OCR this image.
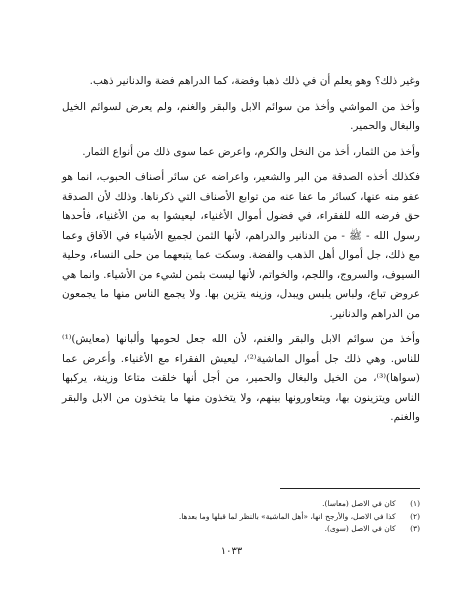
وغير ذلك؟ وهو يعلم أن في ذلك ذهبا وفضة، كما الدراهم فضة والدنانير ذهب.

وأخذ من المواشي وأخذ من سوائم الابل والبقر والغنم، ولم يعرض لسوائم الخيل والبغال والحمير.

وأخذ من الثمار، أخذ من النخل والكرم، واعرض عما سوى ذلك من أنواع الثمار.

فكذلك أخذه الصدقة من البر والشعير، واعراضه عن سائر أصناف الحبوب، انما هو عفو منه عنها، كسائر ما عفا عنه من توابع الأصناف التي ذكرناها. وذلك لأن الصدقة حق فرضه الله للفقراء، في فضول أموال الأغنياء، ليعيشوا به من الأغنياء، فأحدها رسول الله - ﷺ - من الدنانير والدراهم، لأنها الثمن لجميع الأشياء في الآفاق وعما مع ذلك، جل أموال أهل الذهب والفضة. وسكت عما يتبعهما من حلى النساء، وحلية السيوف، والسروج، واللجم، والخواتم، لأنها ليست بثمن لشيء من الأشياء. وانما هي عروض تباع، ولباس يلبس ويبدل، وزينه يتزين بها. ولا يجمع الناس منها ما يجمعون من الدراهم والدنانير.

وأخذ من سوائم الابل والبقر والغنم، لأن الله جعل لحومها وألبانها (معايش)⁽¹⁾ للناس. وهي ذلك جل أموال الماشية⁽²⁾، ليعيش الفقراء مع الأغنياء. وأعرض عما (سواها)⁽³⁾، من الخيل والبغال والحمير، من أجل أنها خلقت متاعا وزينة، يركبها الناس ويتزينون بها، ويتعاورونها بينهم، ولا يتخذون منها ما يتخذون من الابل والبقر والغنم.

(١) كان في الاصل (معاسا).
(٢) كذا في الاصل، والأرجح انها، «أهل الماشية» بالنظر لما قبلها وما بعدها.
(٣) كان في الاصل (سوى).
١٠٣٣
